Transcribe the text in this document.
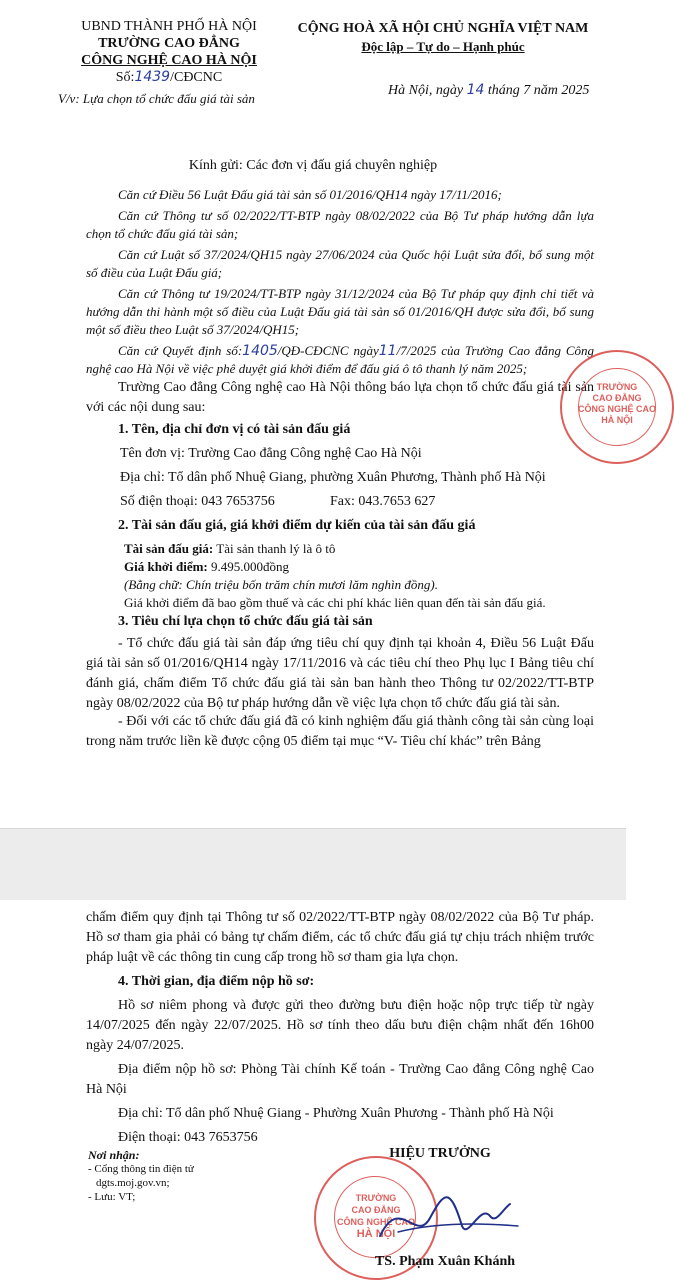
UBND THÀNH PHỐ HÀ NỘI
TRƯỜNG CAO ĐẲNG
CÔNG NGHỆ CAO HÀ NỘI
Số:1439/CĐCNC
V/v: Lựa chọn tổ chức đấu giá tài sản
CỘNG HOÀ XÃ HỘI CHỦ NGHĨA VIỆT NAM
Độc lập – Tự do – Hạnh phúc
Hà Nội, ngày 14 tháng 7 năm 2025
Kính gửi: Các đơn vị đấu giá chuyên nghiệp

Căn cứ Điều 56 Luật Đấu giá tài sản số 01/2016/QH14 ngày 17/11/2016;

Căn cứ Thông tư số 02/2022/TT-BTP ngày 08/02/2022 của Bộ Tư pháp hướng dẫn lựa chọn tổ chức đấu giá tài sản;

Căn cứ Luật số 37/2024/QH15 ngày 27/06/2024 của Quốc hội Luật sửa đổi, bổ sung một số điều của Luật Đấu giá;

Căn cứ Thông tư 19/2024/TT-BTP ngày 31/12/2024 của Bộ Tư pháp quy định chi tiết và hướng dẫn thi hành một số điều của Luật Đấu giá tài sản số 01/2016/QH được sửa đổi, bổ sung một số điều theo Luật số 37/2024/QH15;

Căn cứ Quyết định số:1405/QĐ-CĐCNC ngày11/7/2025 của Trường Cao đẳng Công nghệ cao Hà Nội về việc phê duyệt giá khởi điểm để đấu giá ô tô thanh lý năm 2025;

Trường Cao đẳng Công nghệ cao Hà Nội thông báo lựa chọn tổ chức đấu giá tài sản với các nội dung sau:

1. Tên, địa chỉ đơn vị có tài sản đấu giá
Tên đơn vị: Trường Cao đẳng Công nghệ Cao Hà Nội
Địa chỉ: Tổ dân phố Nhuệ Giang, phường Xuân Phương, Thành phố Hà Nội
Số điện thoại: 043 7653756	Fax: 043.7653 627
2. Tài sản đấu giá, giá khởi điểm dự kiến của tài sản đấu giá
Tài sản đấu giá: Tài sản thanh lý là ô tô
Giá khởi điểm: 9.495.000đồng
(Bằng chữ: Chín triệu bốn trăm chín mươi lăm nghìn đồng).
Giá khởi điểm đã bao gồm thuế và các chi phí khác liên quan đến tài sản đấu giá.
3. Tiêu chí lựa chọn tổ chức đấu giá tài sản

- Tổ chức đấu giá tài sản đáp ứng tiêu chí quy định tại khoản 4, Điều 56 Luật Đấu giá tài sản số 01/2016/QH14 ngày 17/11/2016 và các tiêu chí theo Phụ lục I Bảng tiêu chí đánh giá, chấm điểm Tổ chức đấu giá tài sản ban hành theo Thông tư 02/2022/TT-BTP ngày 08/02/2022 của Bộ tư pháp hướng dẫn về việc lựa chọn tổ chức đấu giá tài sản.

- Đối với các tổ chức đấu giá đã có kinh nghiệm đấu giá thành công tài sản cùng loại trong năm trước liền kề được cộng 05 điểm tại mục “V- Tiêu chí khác” trên Bảng

TRƯỜNG
CAO ĐẲNG
CÔNG NGHỆ CAO
HÀ NỘI

chấm điểm quy định tại Thông tư số 02/2022/TT-BTP ngày 08/02/2022 của Bộ Tư pháp. Hồ sơ tham gia phải có bảng tự chấm điểm, các tổ chức đấu giá tự chịu trách nhiệm trước pháp luật về các thông tin cung cấp trong hồ sơ tham gia lựa chọn.

4. Thời gian, địa điểm nộp hồ sơ:

Hồ sơ niêm phong và được gửi theo đường bưu điện hoặc nộp trực tiếp từ ngày 14/07/2025 đến ngày 22/07/2025. Hồ sơ tính theo dấu bưu điện chậm nhất đến 16h00 ngày 24/07/2025.

Địa điểm nộp hồ sơ: Phòng Tài chính Kế toán - Trường Cao đẳng Công nghệ Cao Hà Nội

Địa chỉ: Tổ dân phố Nhuệ Giang - Phường Xuân Phương - Thành phố Hà Nội
Điện thoại: 043 7653756
Nơi nhận:
- Cổng thông tin điện tử
dgts.moj.gov.vn;
- Lưu: VT;
HIỆU TRƯỞNG
TRƯỜNG
CAO ĐẲNG
CÔNG NGHỆ CAO
HÀ NỘI
TS. Phạm Xuân Khánh
